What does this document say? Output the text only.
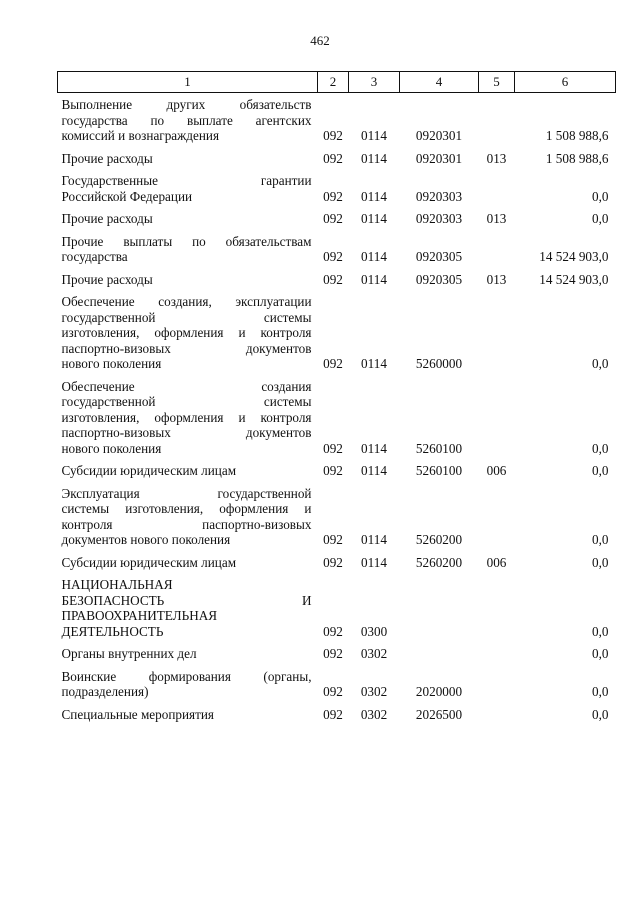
462
1	2	3	4	5	6

Выполнение других обязательств
государства по выплате агентских
комиссий и вознаграждения	092	0114	0920301		1 508 988,6

Прочие расходы	092	0114	0920301	013	1 508 988,6

Государственные гарантии
Российской Федерации	092	0114	0920303		0,0

Прочие расходы	092	0114	0920303	013	0,0

Прочие выплаты по обязательствам
государства	092	0114	0920305		14 524 903,0

Прочие расходы	092	0114	0920305	013	14 524 903,0

Обеспечение создания, эксплуатации
государственной системы
изготовления, оформления и контроля
паспортно-визовых документов
нового поколения	092	0114	5260000		0,0

Обеспечение создания
государственной системы
изготовления, оформления и контроля
паспортно-визовых документов
нового поколения	092	0114	5260100		0,0

Субсидии юридическим лицам	092	0114	5260100	006	0,0

Эксплуатация государственной
системы изготовления, оформления и
контроля паспортно-визовых
документов нового поколения	092	0114	5260200		0,0

Субсидии юридическим лицам	092	0114	5260200	006	0,0

НАЦИОНАЛЬНАЯ
БЕЗОПАСНОСТЬ И
ПРАВООХРАНИТЕЛЬНАЯ
ДЕЯТЕЛЬНОСТЬ	092	0300			0,0

Органы внутренних дел	092	0302			0,0

Воинские формирования (органы,
подразделения)	092	0302	2020000		0,0

Специальные мероприятия	092	0302	2026500		0,0
